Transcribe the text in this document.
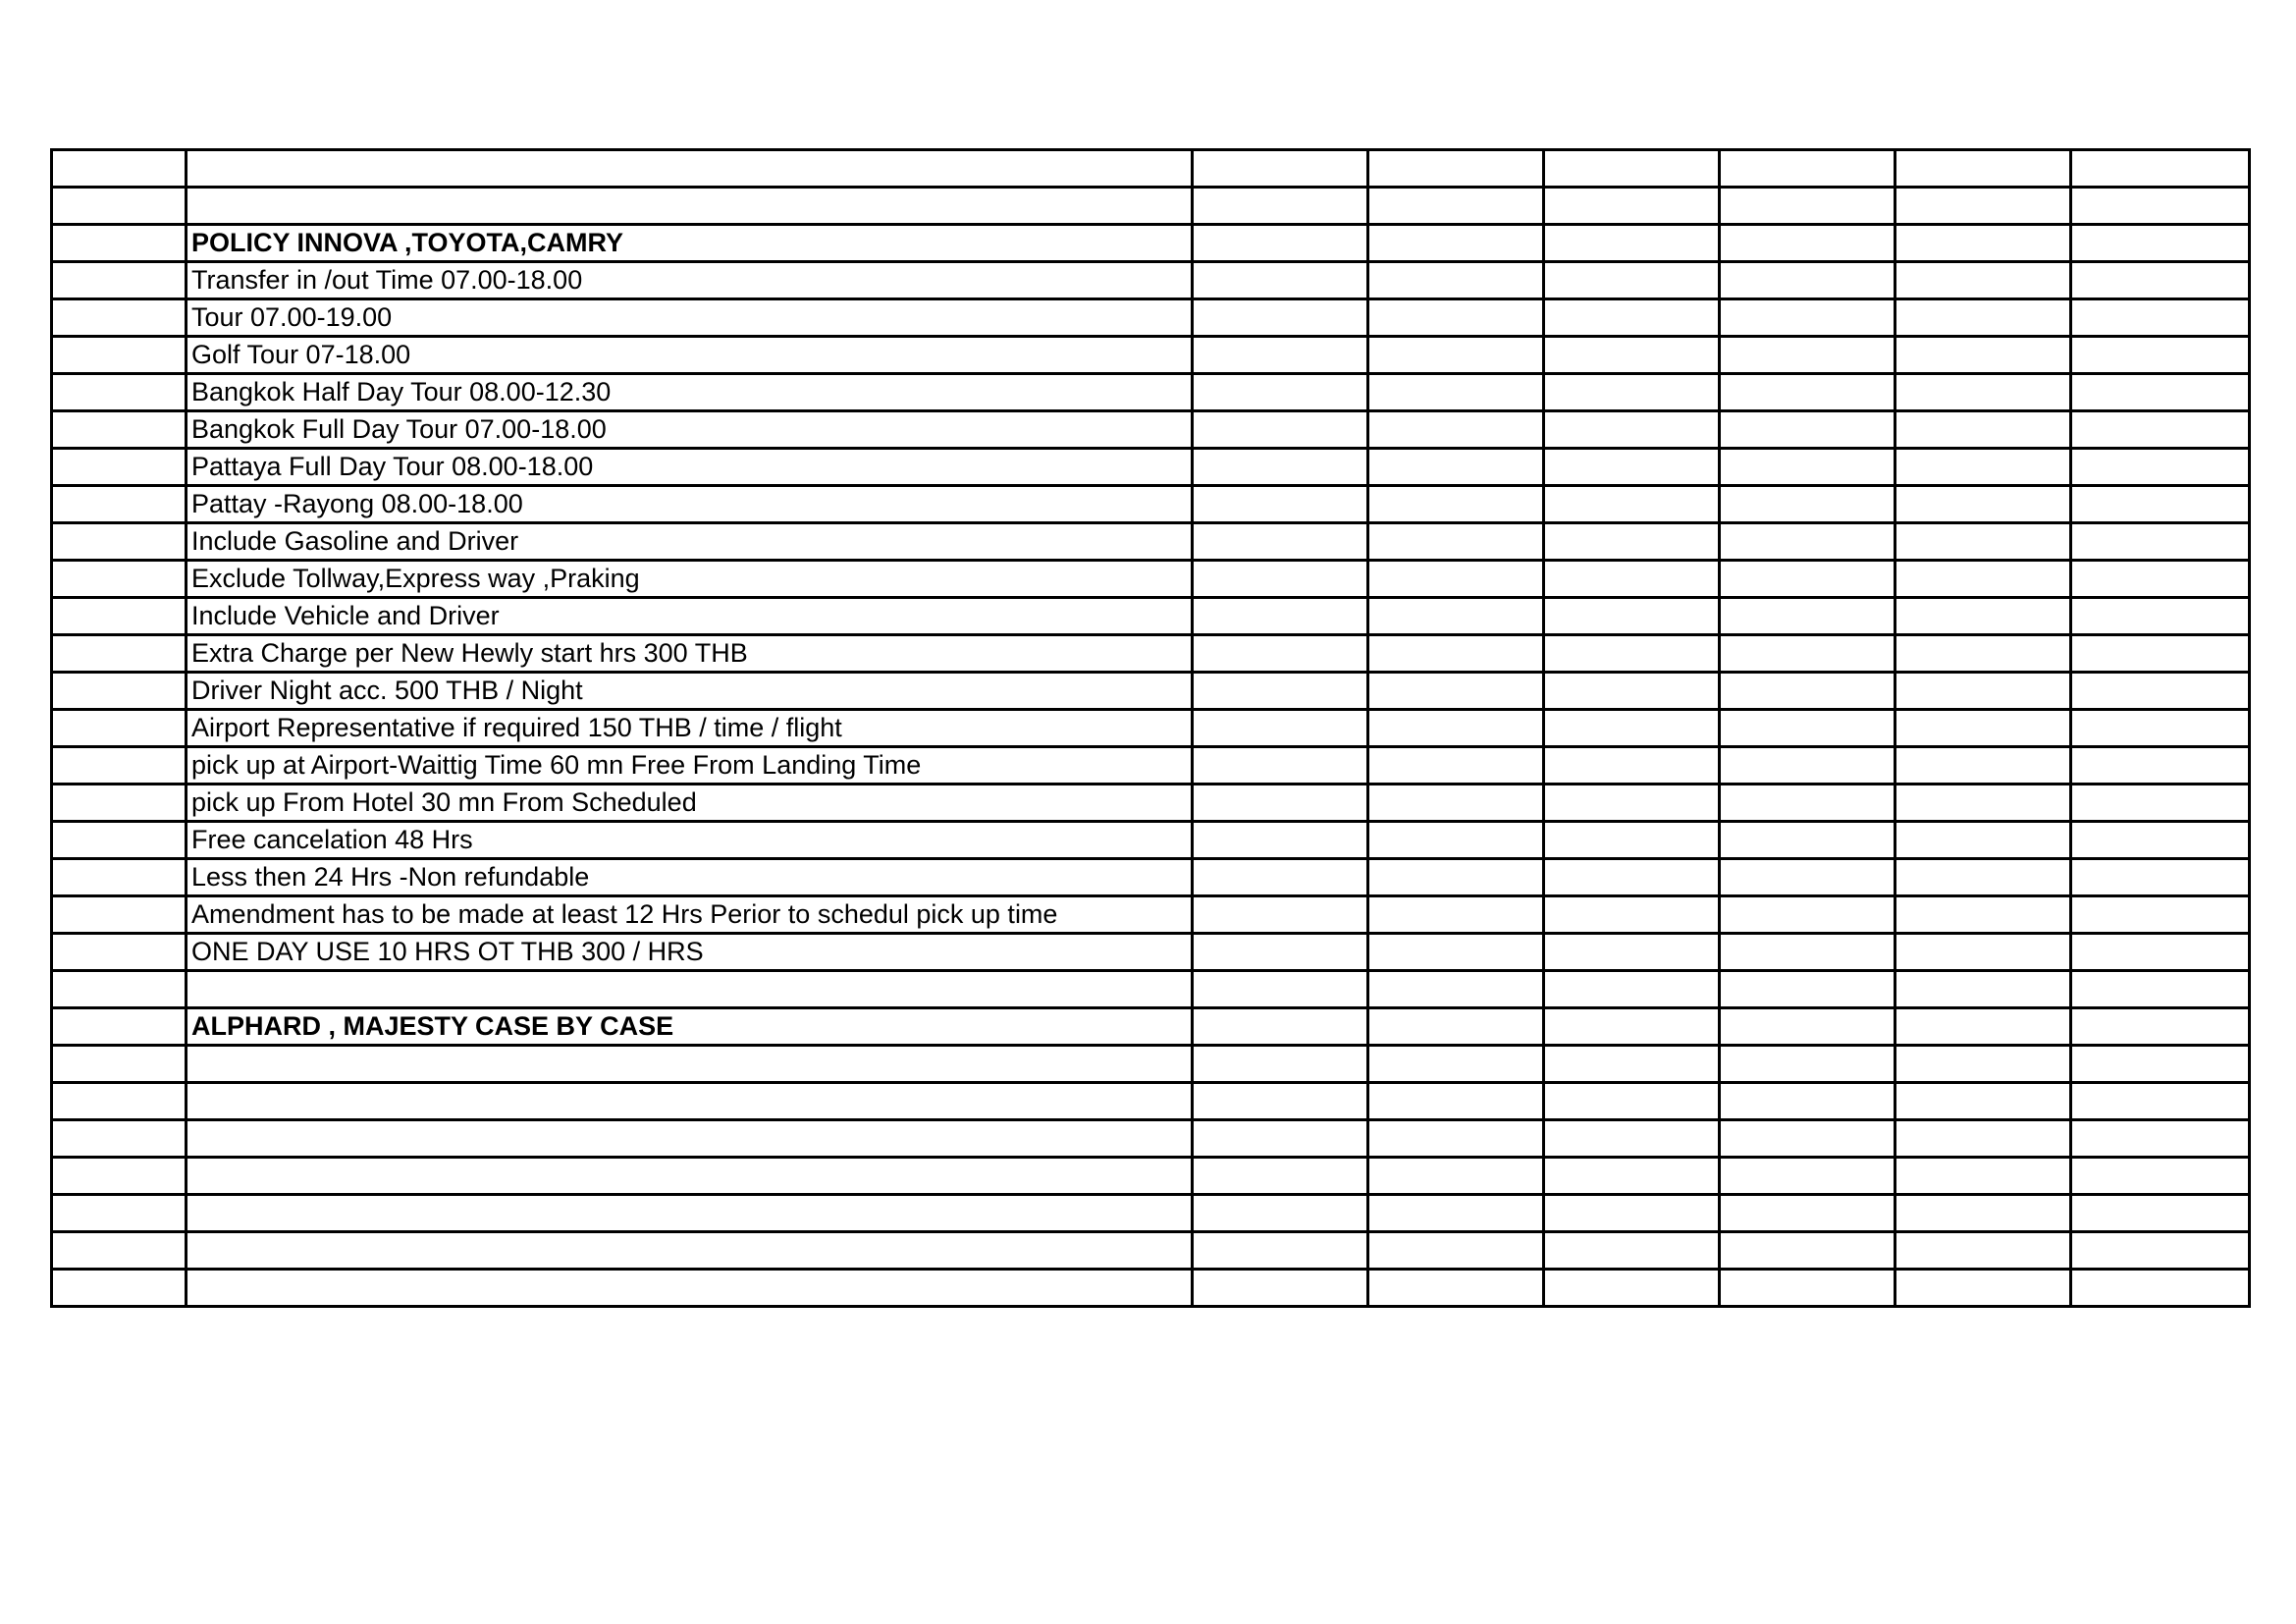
	POLICY INNOVA ,TOYOTA,CAMRY						
	Transfer in /out Time 07.00-18.00						
	Tour 07.00-19.00						
	Golf Tour 07-18.00						
	Bangkok Half Day Tour 08.00-12.30						
	Bangkok Full Day Tour 07.00-18.00						
	Pattaya Full Day Tour 08.00-18.00						
	Pattay -Rayong 08.00-18.00						
	Include Gasoline and Driver						
	Exclude Tollway,Express way ,Praking						
	Include Vehicle and Driver						
	Extra Charge per New Hewly start hrs 300 THB						
	Driver Night acc. 500 THB / Night						
	Airport Representative if required 150 THB / time / flight						
	pick up at Airport-Waittig Time 60 mn Free From Landing Time						
	pick up From Hotel 30 mn From Scheduled						
	Free cancelation 48 Hrs						
	Less then 24 Hrs -Non refundable						
	Amendment has to be made at least 12 Hrs Perior to schedul pick up time						
	ONE DAY USE 10 HRS OT THB 300 / HRS						

	ALPHARD , MAJESTY CASE BY CASE						
